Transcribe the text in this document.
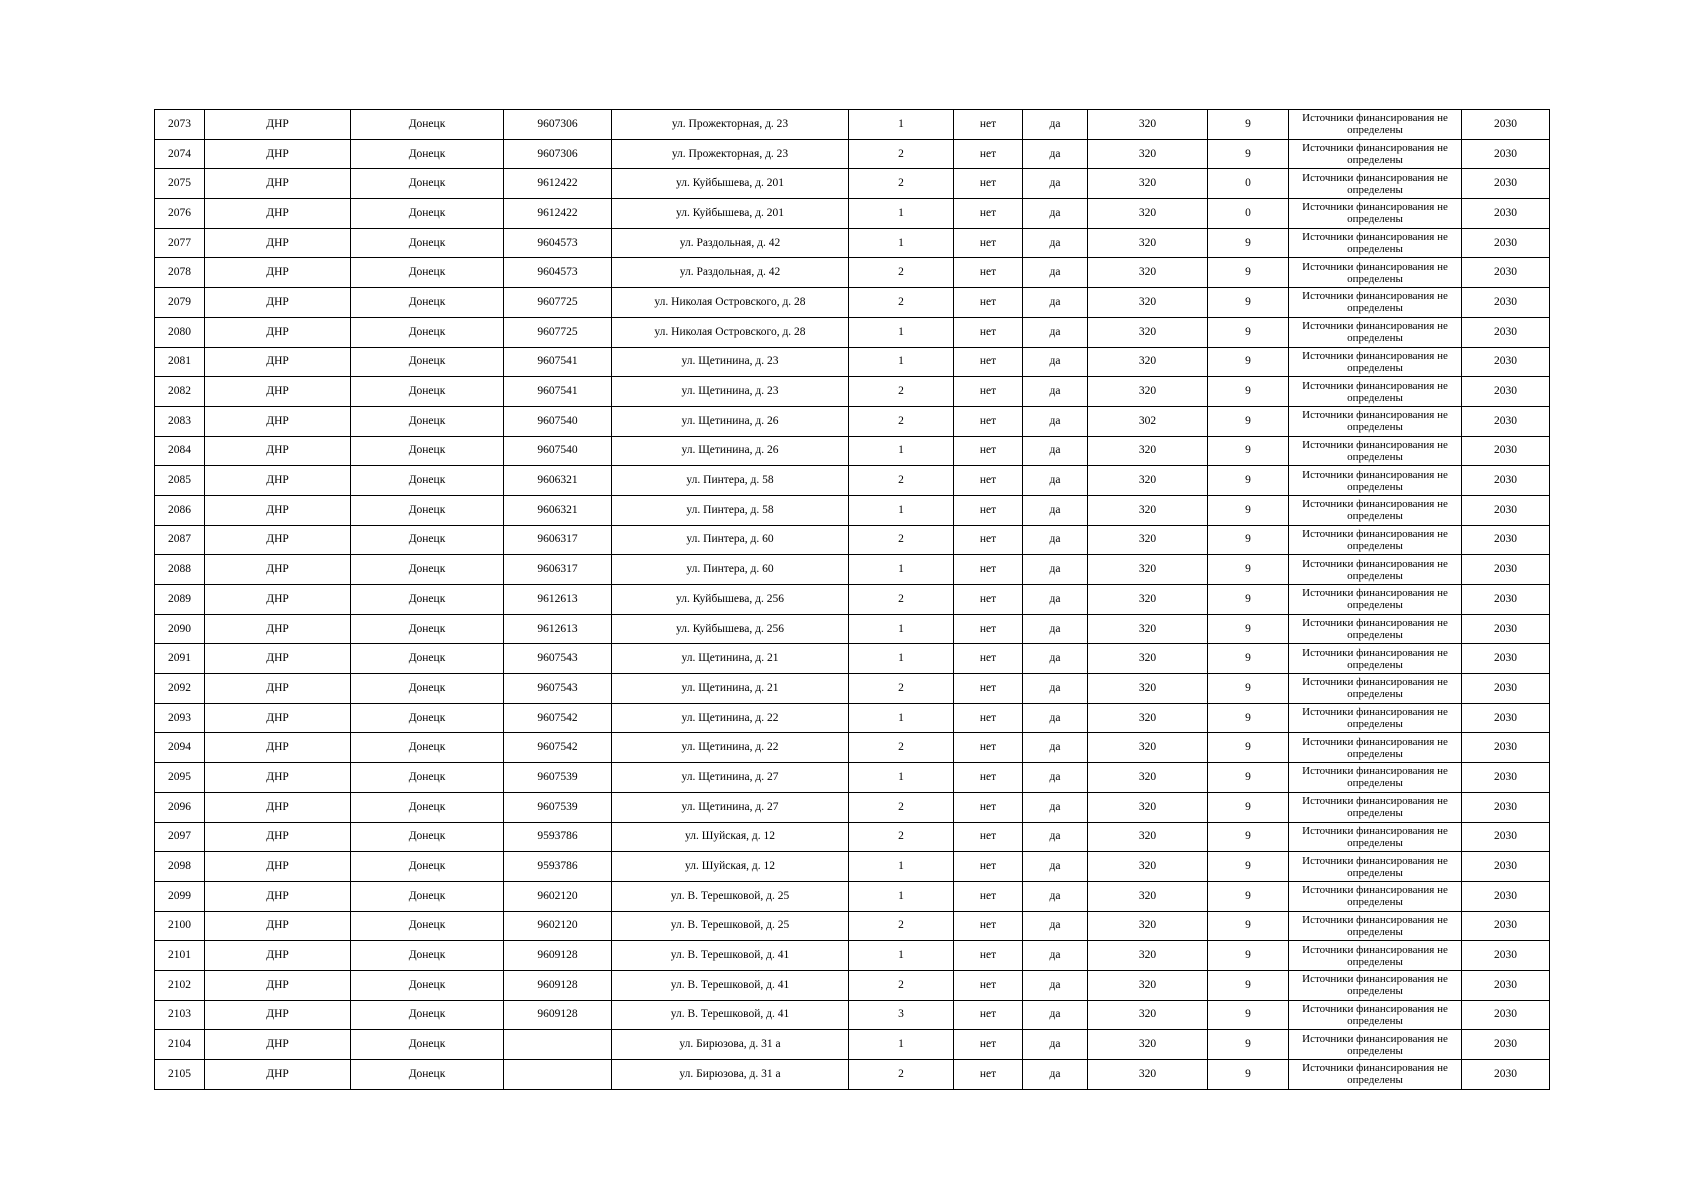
2073	ДНР	Донецк	9607306	ул. Прожекторная, д. 23	1	нет	да	320	9	Источники финансирования не определены	2030
2074	ДНР	Донецк	9607306	ул. Прожекторная, д. 23	2	нет	да	320	9	Источники финансирования не определены	2030
2075	ДНР	Донецк	9612422	ул. Куйбышева, д. 201	2	нет	да	320	0	Источники финансирования не определены	2030
2076	ДНР	Донецк	9612422	ул. Куйбышева, д. 201	1	нет	да	320	0	Источники финансирования не определены	2030
2077	ДНР	Донецк	9604573	ул. Раздольная, д. 42	1	нет	да	320	9	Источники финансирования не определены	2030
2078	ДНР	Донецк	9604573	ул. Раздольная, д. 42	2	нет	да	320	9	Источники финансирования не определены	2030
2079	ДНР	Донецк	9607725	ул. Николая Островского, д. 28	2	нет	да	320	9	Источники финансирования не определены	2030
2080	ДНР	Донецк	9607725	ул. Николая Островского, д. 28	1	нет	да	320	9	Источники финансирования не определены	2030
2081	ДНР	Донецк	9607541	ул. Щетинина, д. 23	1	нет	да	320	9	Источники финансирования не определены	2030
2082	ДНР	Донецк	9607541	ул. Щетинина, д. 23	2	нет	да	320	9	Источники финансирования не определены	2030
2083	ДНР	Донецк	9607540	ул. Щетинина, д. 26	2	нет	да	302	9	Источники финансирования не определены	2030
2084	ДНР	Донецк	9607540	ул. Щетинина, д. 26	1	нет	да	320	9	Источники финансирования не определены	2030
2085	ДНР	Донецк	9606321	ул. Пинтера, д. 58	2	нет	да	320	9	Источники финансирования не определены	2030
2086	ДНР	Донецк	9606321	ул. Пинтера, д. 58	1	нет	да	320	9	Источники финансирования не определены	2030
2087	ДНР	Донецк	9606317	ул. Пинтера, д. 60	2	нет	да	320	9	Источники финансирования не определены	2030
2088	ДНР	Донецк	9606317	ул. Пинтера, д. 60	1	нет	да	320	9	Источники финансирования не определены	2030
2089	ДНР	Донецк	9612613	ул. Куйбышева, д. 256	2	нет	да	320	9	Источники финансирования не определены	2030
2090	ДНР	Донецк	9612613	ул. Куйбышева, д. 256	1	нет	да	320	9	Источники финансирования не определены	2030
2091	ДНР	Донецк	9607543	ул. Щетинина, д. 21	1	нет	да	320	9	Источники финансирования не определены	2030
2092	ДНР	Донецк	9607543	ул. Щетинина, д. 21	2	нет	да	320	9	Источники финансирования не определены	2030
2093	ДНР	Донецк	9607542	ул. Щетинина, д. 22	1	нет	да	320	9	Источники финансирования не определены	2030
2094	ДНР	Донецк	9607542	ул. Щетинина, д. 22	2	нет	да	320	9	Источники финансирования не определены	2030
2095	ДНР	Донецк	9607539	ул. Щетинина, д. 27	1	нет	да	320	9	Источники финансирования не определены	2030
2096	ДНР	Донецк	9607539	ул. Щетинина, д. 27	2	нет	да	320	9	Источники финансирования не определены	2030
2097	ДНР	Донецк	9593786	ул. Шуйская, д. 12	2	нет	да	320	9	Источники финансирования не определены	2030
2098	ДНР	Донецк	9593786	ул. Шуйская, д. 12	1	нет	да	320	9	Источники финансирования не определены	2030
2099	ДНР	Донецк	9602120	ул. В. Терешковой, д. 25	1	нет	да	320	9	Источники финансирования не определены	2030
2100	ДНР	Донецк	9602120	ул. В. Терешковой, д. 25	2	нет	да	320	9	Источники финансирования не определены	2030
2101	ДНР	Донецк	9609128	ул. В. Терешковой, д. 41	1	нет	да	320	9	Источники финансирования не определены	2030
2102	ДНР	Донецк	9609128	ул. В. Терешковой, д. 41	2	нет	да	320	9	Источники финансирования не определены	2030
2103	ДНР	Донецк	9609128	ул. В. Терешковой, д. 41	3	нет	да	320	9	Источники финансирования не определены	2030
2104	ДНР	Донецк		ул. Бирюзова, д. 31 а	1	нет	да	320	9	Источники финансирования не определены	2030
2105	ДНР	Донецк		ул. Бирюзова, д. 31 а	2	нет	да	320	9	Источники финансирования не определены	2030
